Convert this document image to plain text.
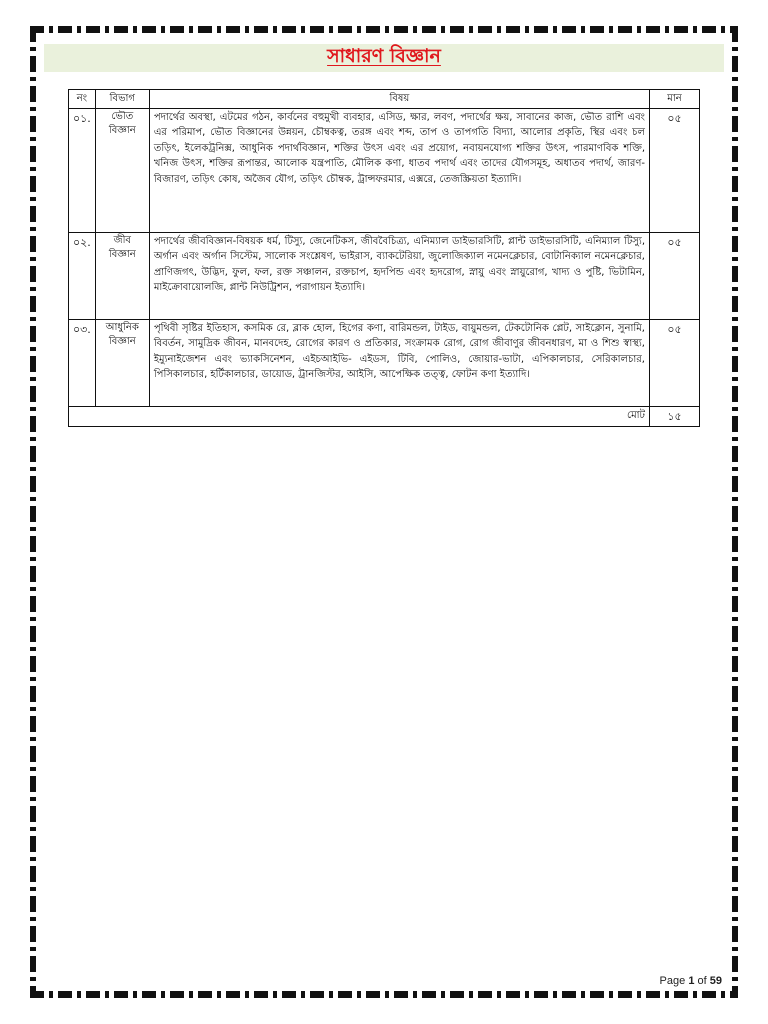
সাধারণ বিজ্ঞান
নং	বিভাগ	বিষয়	মান
০১.	ভৌত বিজ্ঞান	পদার্থের অবস্থা, এটমের গঠন, কার্বনের বহুমুখী ব্যবহার, এসিড, ক্ষার, লবণ, পদার্থের ক্ষয়, সাবানের কাজ, ভৌত রাশি এবং এর পরিমাপ, ভৌত বিজ্ঞানের উন্নয়ন, চৌম্বকত্ব, তরঙ্গ এবং শব্দ, তাপ ও তাপগতি বিদ্যা, আলোর প্রকৃতি, স্থির এবং চল তড়িৎ, ইলেকট্রনিক্স, আধুনিক পদার্থবিজ্ঞান, শক্তির উৎস এবং এর প্রয়োগ, নবায়নযোগ্য শক্তির উৎস, পারমাণবিক শক্তি, খনিজ উৎস, শক্তির রূপান্তর, আলোক যন্ত্রপাতি, মৌলিক কণা, ধাতব পদার্থ এবং তাদের যৌগসমূহ, অধাতব পদার্থ, জারণ-বিজারণ, তড়িৎ কোষ, অজৈব যৌগ, তড়িৎ চৌম্বক, ট্রান্সফরমার, এক্সরে, তেজস্ক্রিয়তা ইত্যাদি।	০৫
০২.	জীব বিজ্ঞান	পদার্থের জীববিজ্ঞান-বিষয়ক ধর্ম, টিস্যু, জেনেটিকস, জীববৈচিত্র্য, এনিম্যাল ডাইভারসিটি, প্লান্ট ডাইভারসিটি, এনিম্যাল টিস্যু, অর্গান এবং অর্গান সিস্টেম, সালোক সংশ্লেষণ, ভাইরাস, ব্যাকটেরিয়া, জুলোজিক্যাল নমেনক্লেচার, বোটানিক্যাল নমেনক্লেচার, প্রাণিজগৎ, উদ্ভিদ, ফুল, ফল, রক্ত সঞ্চালন, রক্তচাপ, হৃদপিন্ড এবং হৃদরোগ, স্নায়ু এবং স্নায়ুরোগ, খাদ্য ও পুষ্টি, ভিটামিন, মাইক্রোবায়োলজি, প্লান্ট নিউট্রিশন, পরাগায়ন ইত্যাদি।	০৫
০৩.	আধুনিক বিজ্ঞান	পৃথিবী সৃষ্টির ইতিহাস, কসমিক রে, ব্লাক হোল, হিগের কণা, বারিমন্ডল, টাইড, বায়ুমন্ডল, টেকটোনিক প্লেট, সাইক্লোন, সুনামি, বিবর্তন, সামুদ্রিক জীবন, মানবদেহ, রোগের কারণ ও প্রতিকার, সংক্রামক রোগ, রোগ জীবাণুর জীবনধারণ, মা ও শিশু স্বাস্থ্য, ইম্যুনাইজেশন এবং ভ্যাকসিনেশন, এইচআইভি- এইডস, টিবি, পোলিও, জোয়ার-ভাটা, এপিকালচার, সেরিকালচার, পিসিকালচার, হর্টিকালচার, ডায়োড, ট্রানজিস্টর, আইসি, আপেক্ষিক তত্ত্ব, ফোটন কণা ইত্যাদি।	০৫
মোট			১৫
Page 1 of 59
